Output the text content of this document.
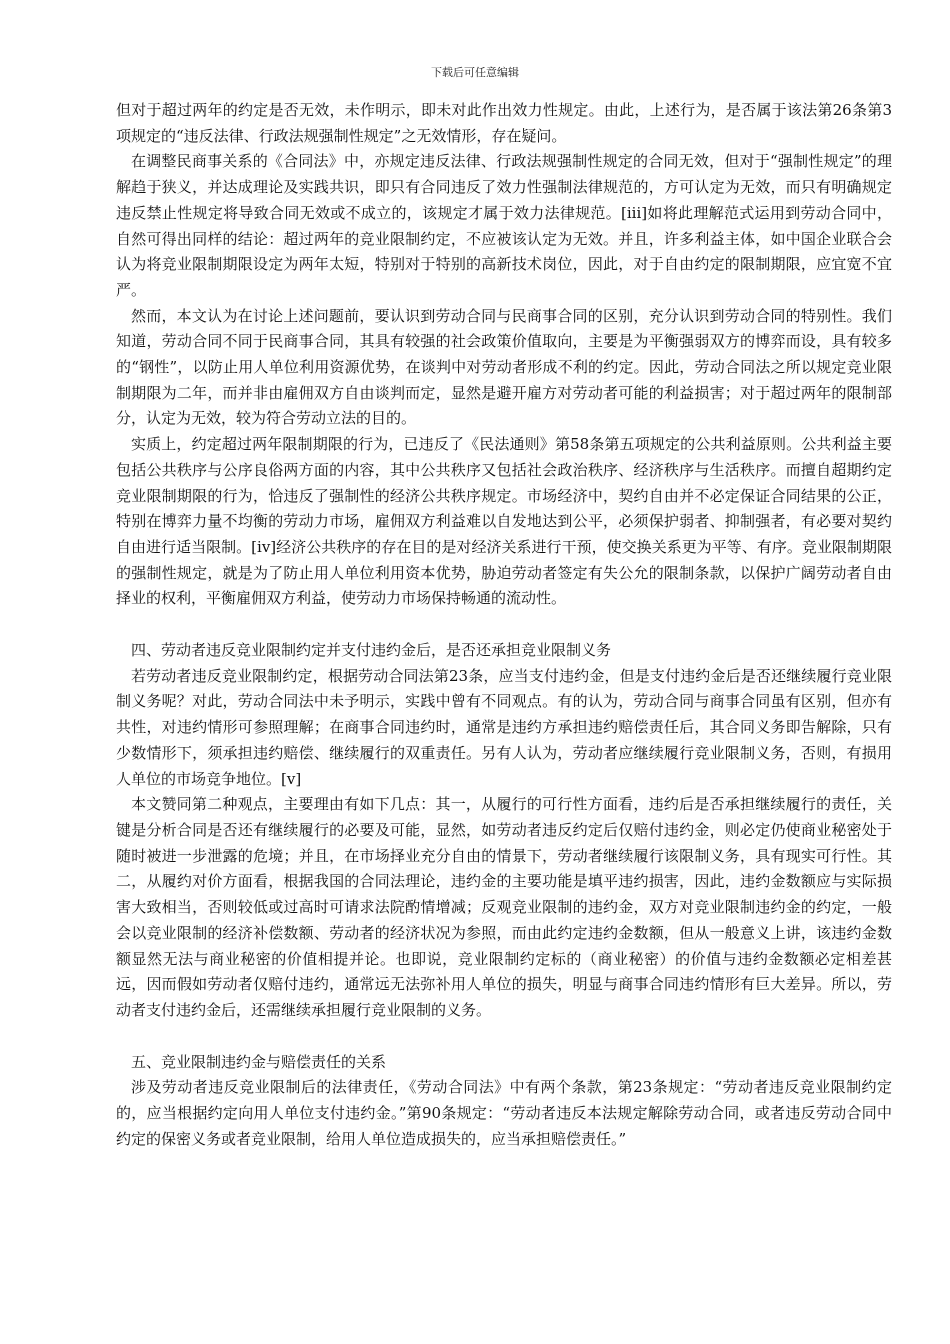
下载后可任意编辑

但对于超过两年的约定是否无效，未作明示，即未对此作出效力性规定。由此，上述行为，是否属于该法第26条第3项规定的“违反法律、行政法规强制性规定”之无效情形，存在疑问。

在调整民商事关系的《合同法》中，亦规定违反法律、行政法规强制性规定的合同无效，但对于“强制性规定”的理解趋于狭义，并达成理论及实践共识，即只有合同违反了效力性强制法律规范的，方可认定为无效，而只有明确规定违反禁止性规定将导致合同无效或不成立的，该规定才属于效力法律规范。[iii]如将此理解范式运用到劳动合同中，自然可得出同样的结论：超过两年的竞业限制约定，不应被该认定为无效。并且，许多利益主体，如中国企业联合会认为将竞业限制期限设定为两年太短，特别对于特别的高新技术岗位，因此，对于自由约定的限制期限，应宜宽不宜严。

然而，本文认为在讨论上述问题前，要认识到劳动合同与民商事合同的区别，充分认识到劳动合同的特别性。我们知道，劳动合同不同于民商事合同，其具有较强的社会政策价值取向，主要是为平衡强弱双方的博弈而设，具有较多的“钢性”，以防止用人单位利用资源优势，在谈判中对劳动者形成不利的约定。因此，劳动合同法之所以规定竞业限制期限为二年，而并非由雇佣双方自由谈判而定，显然是避开雇方对劳动者可能的利益损害；对于超过两年的限制部分，认定为无效，较为符合劳动立法的目的。

实质上，约定超过两年限制期限的行为，已违反了《民法通则》第58条第五项规定的公共利益原则。公共利益主要包括公共秩序与公序良俗两方面的内容，其中公共秩序又包括社会政治秩序、经济秩序与生活秩序。而擅自超期约定竞业限制期限的行为，恰违反了强制性的经济公共秩序规定。市场经济中，契约自由并不必定保证合同结果的公正，特别在博弈力量不均衡的劳动力市场，雇佣双方利益难以自发地达到公平，必须保护弱者、抑制强者，有必要对契约自由进行适当限制。[iv]经济公共秩序的存在目的是对经济关系进行干预，使交换关系更为平等、有序。竞业限制期限的强制性规定，就是为了防止用人单位利用资本优势，胁迫劳动者签定有失公允的限制条款，以保护广阔劳动者自由择业的权利，平衡雇佣双方利益，使劳动力市场保持畅通的流动性。

四、劳动者违反竞业限制约定并支付违约金后，是否还承担竞业限制义务

若劳动者违反竞业限制约定，根据劳动合同法第23条，应当支付违约金，但是支付违约金后是否还继续履行竞业限制义务呢？对此，劳动合同法中未予明示，实践中曾有不同观点。有的认为，劳动合同与商事合同虽有区别，但亦有共性，对违约情形可参照理解；在商事合同违约时，通常是违约方承担违约赔偿责任后，其合同义务即告解除，只有少数情形下，须承担违约赔偿、继续履行的双重责任。另有人认为，劳动者应继续履行竞业限制义务，否则，有损用人单位的市场竞争地位。[v]

本文赞同第二种观点，主要理由有如下几点：其一，从履行的可行性方面看，违约后是否承担继续履行的责任，关键是分析合同是否还有继续履行的必要及可能，显然，如劳动者违反约定后仅赔付违约金，则必定仍使商业秘密处于随时被进一步泄露的危境；并且，在市场择业充分自由的情景下，劳动者继续履行该限制义务，具有现实可行性。其二，从履约对价方面看，根据我国的合同法理论，违约金的主要功能是填平违约损害，因此，违约金数额应与实际损害大致相当，否则较低或过高时可请求法院酌情增减；反观竞业限制的违约金，双方对竞业限制违约金的约定，一般会以竞业限制的经济补偿数额、劳动者的经济状况为参照，而由此约定违约金数额，但从一般意义上讲，该违约金数额显然无法与商业秘密的价值相提并论。也即说，竞业限制约定标的（商业秘密）的价值与违约金数额必定相差甚远，因而假如劳动者仅赔付违约，通常远无法弥补用人单位的损失，明显与商事合同违约情形有巨大差异。所以，劳动者支付违约金后，还需继续承担履行竞业限制的义务。

五、竞业限制违约金与赔偿责任的关系

涉及劳动者违反竞业限制后的法律责任，《劳动合同法》中有两个条款，第23条规定：“劳动者违反竞业限制约定的，应当根据约定向用人单位支付违约金。”第90条规定：“劳动者违反本法规定解除劳动合同，或者违反劳动合同中约定的保密义务或者竞业限制，给用人单位造成损失的，应当承担赔偿责任。”
